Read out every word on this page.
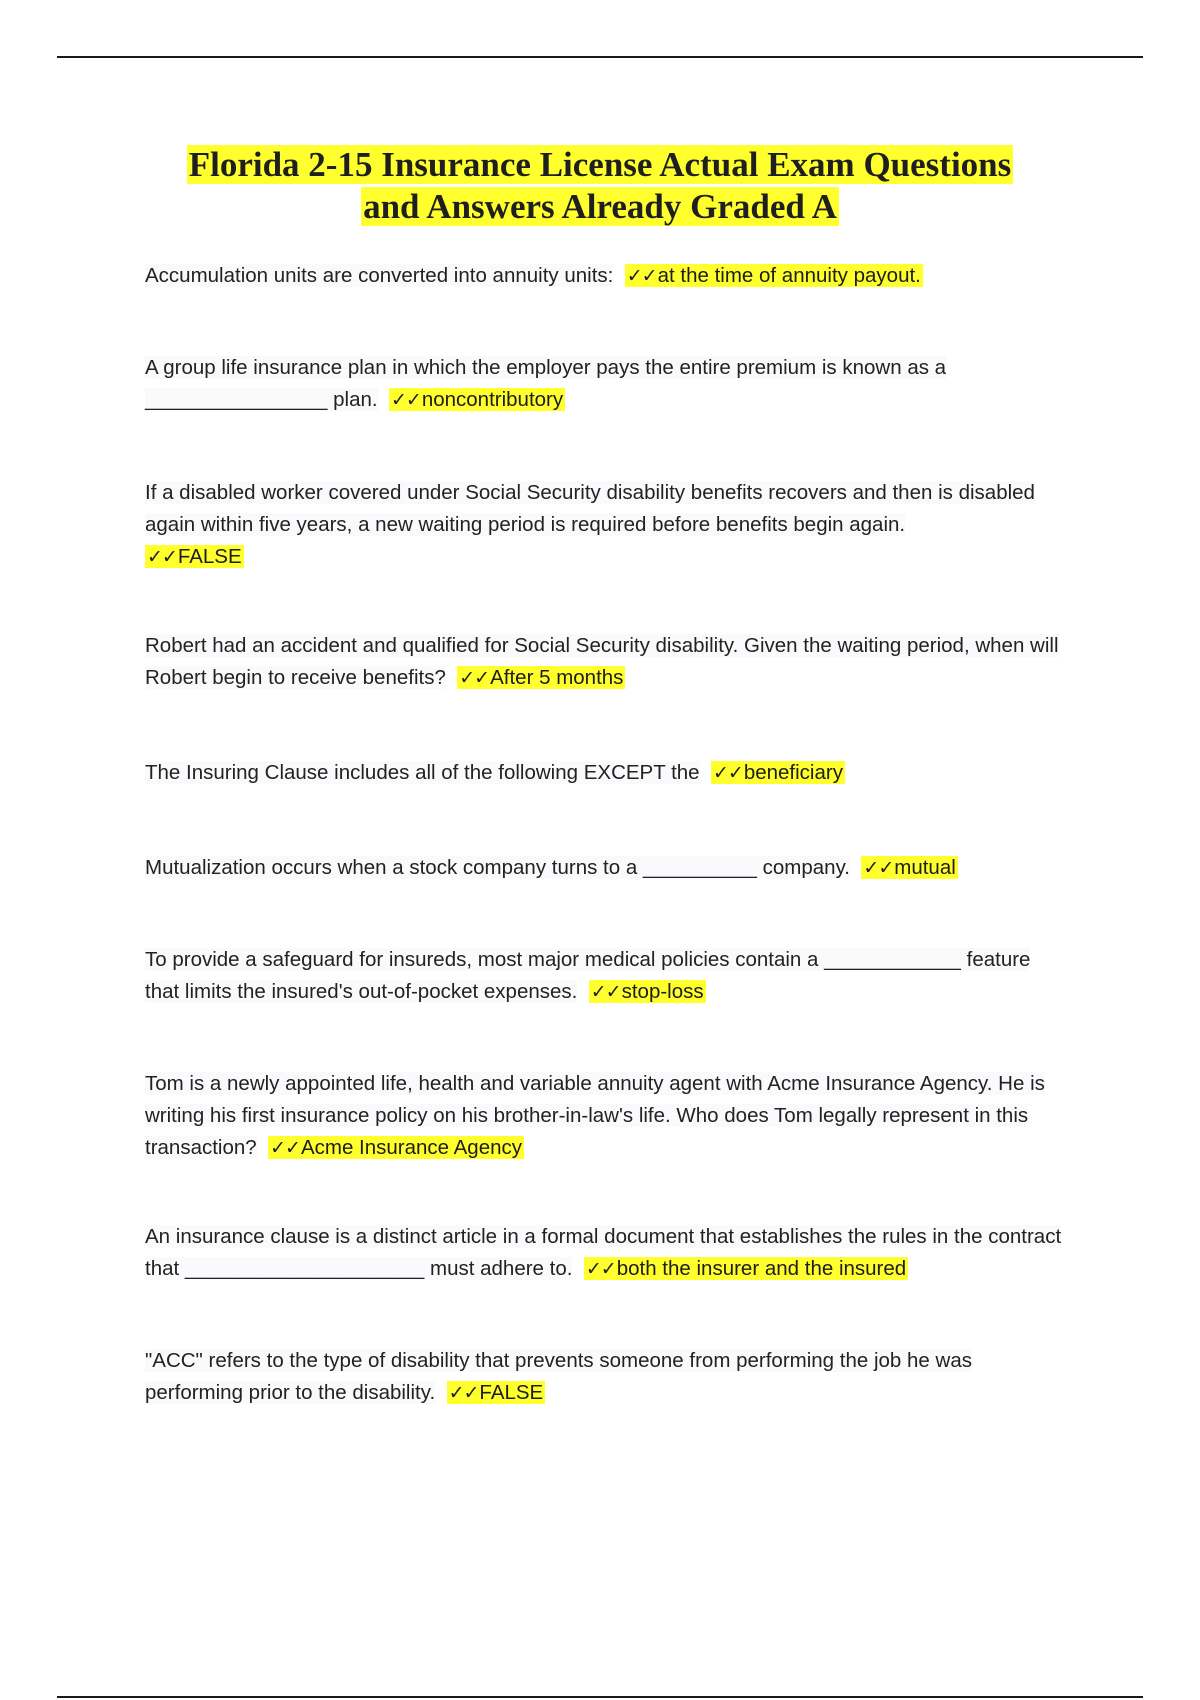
Florida 2-15 Insurance License Actual Exam Questions
and Answers Already Graded A
Accumulation units are converted into annuity units: ✓✓at the time of annuity payout.
A group life insurance plan in which the employer pays the entire premium is known as a ________________ plan. ✓✓noncontributory
If a disabled worker covered under Social Security disability benefits recovers and then is disabled again within five years, a new waiting period is required before benefits begin again.
✓✓FALSE
Robert had an accident and qualified for Social Security disability. Given the waiting period, when will Robert begin to receive benefits? ✓✓After 5 months
The Insuring Clause includes all of the following EXCEPT the ✓✓beneficiary
Mutualization occurs when a stock company turns to a __________ company. ✓✓mutual
To provide a safeguard for insureds, most major medical policies contain a ____________ feature that limits the insured's out-of-pocket expenses. ✓✓stop-loss
Tom is a newly appointed life, health and variable annuity agent with Acme Insurance Agency. He is writing his first insurance policy on his brother-in-law's life. Who does Tom legally represent in this transaction? ✓✓Acme Insurance Agency
An insurance clause is a distinct article in a formal document that establishes the rules in the contract that _____________________ must adhere to. ✓✓both the insurer and the insured
"ACC" refers to the type of disability that prevents someone from performing the job he was performing prior to the disability. ✓✓FALSE
